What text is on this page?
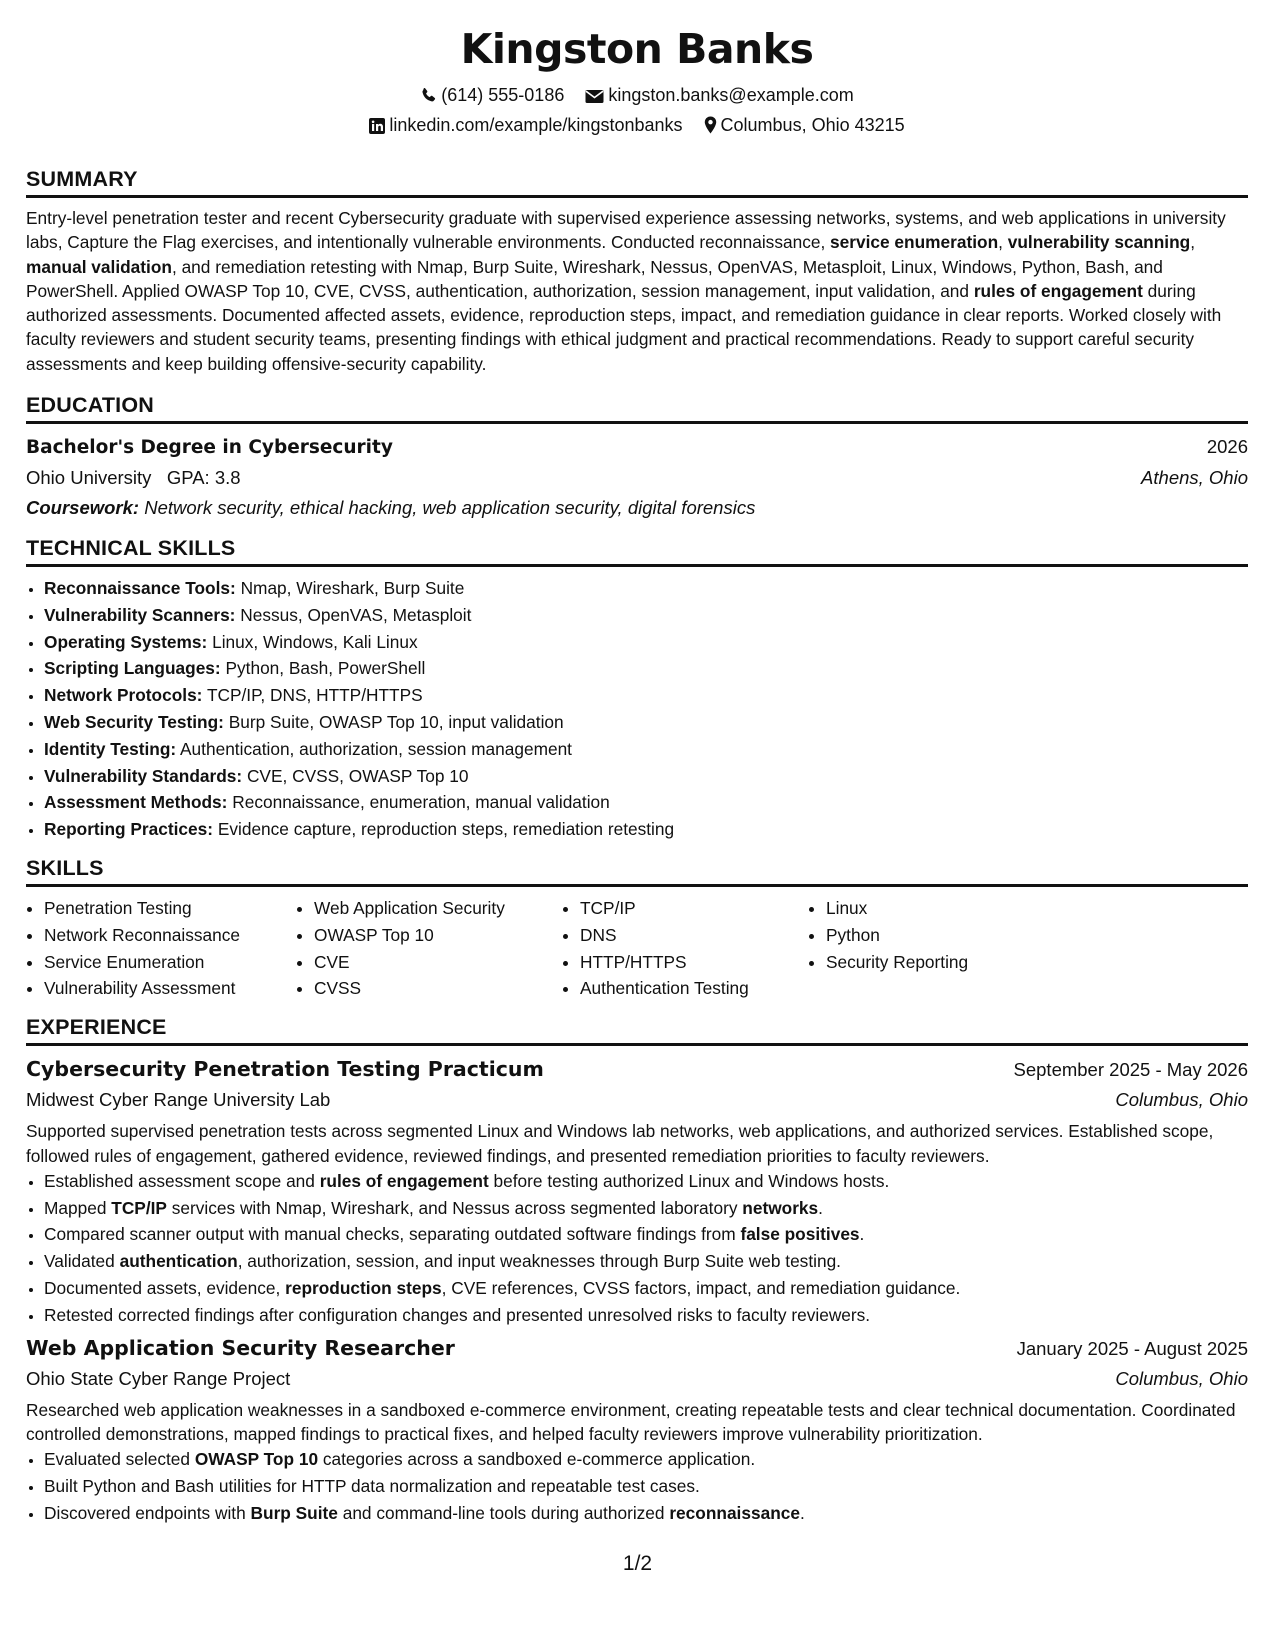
Kingston Banks
(614) 555-0186 kingston.banks@example.com
linkedin.com/example/kingstonbanks Columbus, Ohio 43215
SUMMARY

Entry-level penetration tester and recent Cybersecurity graduate with supervised experience assessing networks, systems, and web applications in university labs, Capture the Flag exercises, and intentionally vulnerable environments. Conducted reconnaissance, service enumeration, vulnerability scanning, manual validation, and remediation retesting with Nmap, Burp Suite, Wireshark, Nessus, OpenVAS, Metasploit, Linux, Windows, Python, Bash, and PowerShell. Applied OWASP Top 10, CVE, CVSS, authentication, authorization, session management, input validation, and rules of engagement during authorized assessments. Documented affected assets, evidence, reproduction steps, impact, and remediation guidance in clear reports. Worked closely with faculty reviewers and student security teams, presenting findings with ethical judgment and practical recommendations. Ready to support careful security assessments and keep building offensive-security capability.

EDUCATION
Bachelor's Degree in Cybersecurity	2026
Ohio University GPA: 3.8	Athens, Ohio
Coursework: Network security, ethical hacking, web application security, digital forensics
TECHNICAL SKILLS
• Reconnaissance Tools: Nmap, Wireshark, Burp Suite
• Vulnerability Scanners: Nessus, OpenVAS, Metasploit
• Operating Systems: Linux, Windows, Kali Linux
• Scripting Languages: Python, Bash, PowerShell
• Network Protocols: TCP/IP, DNS, HTTP/HTTPS
• Web Security Testing: Burp Suite, OWASP Top 10, input validation
• Identity Testing: Authentication, authorization, session management
• Vulnerability Standards: CVE, CVSS, OWASP Top 10
• Assessment Methods: Reconnaissance, enumeration, manual validation
• Reporting Practices: Evidence capture, reproduction steps, remediation retesting
SKILLS
• Penetration Testing
• Network Reconnaissance
• Service Enumeration
• Vulnerability Assessment
• Web Application Security
• OWASP Top 10
• CVE
• CVSS
• TCP/IP
• DNS
• HTTP/HTTPS
• Authentication Testing
• Linux
• Python
• Security Reporting
EXPERIENCE
Cybersecurity Penetration Testing Practicum	September 2025 - May 2026
Midwest Cyber Range University Lab	Columbus, Ohio

Supported supervised penetration tests across segmented Linux and Windows lab networks, web applications, and authorized services. Established scope, followed rules of engagement, gathered evidence, reviewed findings, and presented remediation priorities to faculty reviewers.

• Established assessment scope and rules of engagement before testing authorized Linux and Windows hosts.
• Mapped TCP/IP services with Nmap, Wireshark, and Nessus across segmented laboratory networks.
• Compared scanner output with manual checks, separating outdated software findings from false positives.
• Validated authentication, authorization, session, and input weaknesses through Burp Suite web testing.
• Documented assets, evidence, reproduction steps, CVE references, CVSS factors, impact, and remediation guidance.
• Retested corrected findings after configuration changes and presented unresolved risks to faculty reviewers.
Web Application Security Researcher	January 2025 - August 2025
Ohio State Cyber Range Project	Columbus, Ohio

Researched web application weaknesses in a sandboxed e-commerce environment, creating repeatable tests and clear technical documentation. Coordinated controlled demonstrations, mapped findings to practical fixes, and helped faculty reviewers improve vulnerability prioritization.

• Evaluated selected OWASP Top 10 categories across a sandboxed e-commerce application.
• Built Python and Bash utilities for HTTP data normalization and repeatable test cases.
• Discovered endpoints with Burp Suite and command-line tools during authorized reconnaissance.
1/2
